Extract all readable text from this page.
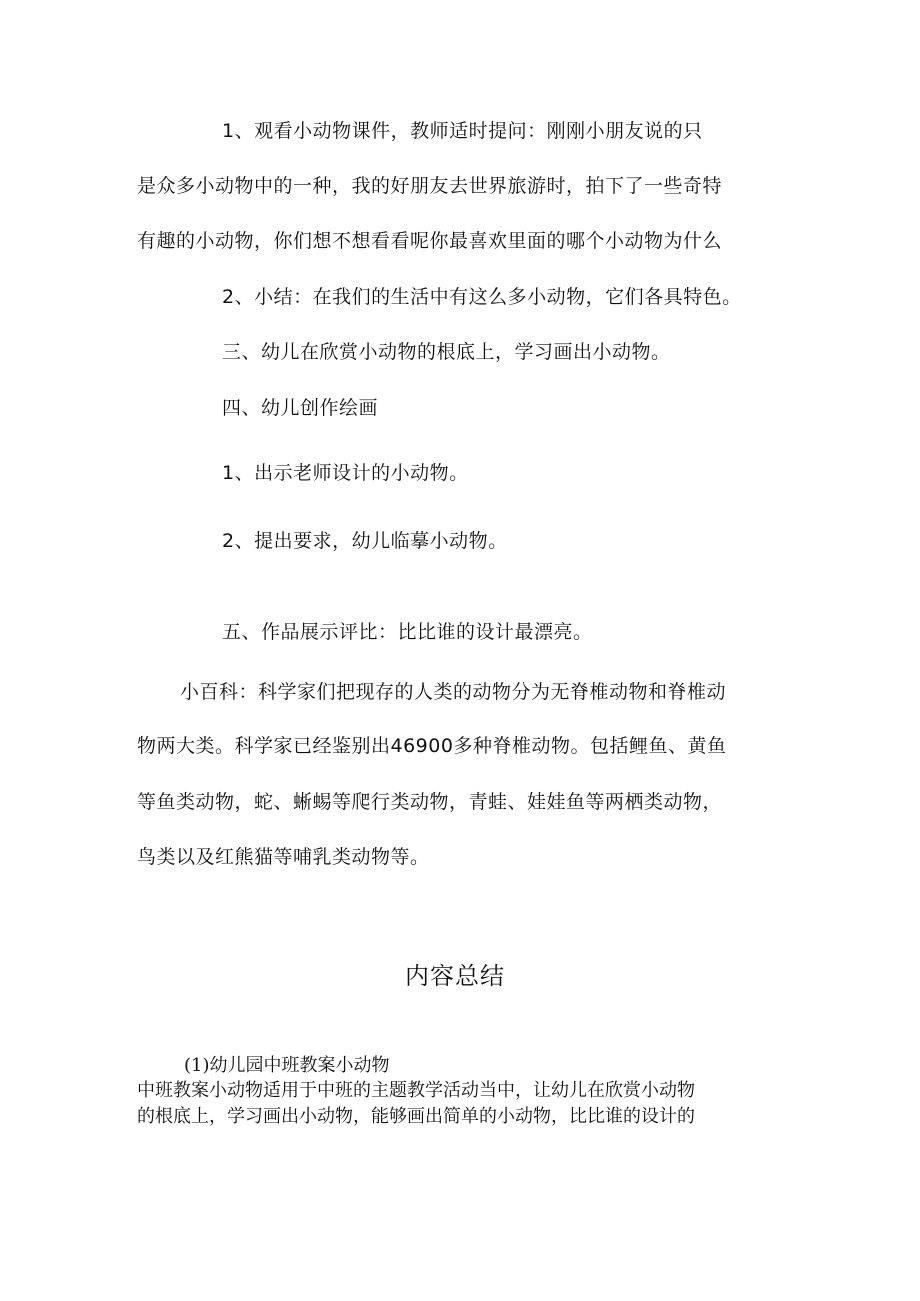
1、观看小动物课件，教师适时提问：刚刚小朋友说的只
是众多小动物中的一种，我的好朋友去世界旅游时，拍下了一些奇特
有趣的小动物，你们想不想看看呢你最喜欢里面的哪个小动物为什么
2、小结：在我们的生活中有这么多小动物，它们各具特色。
三、幼儿在欣赏小动物的根底上，学习画出小动物。
四、幼儿创作绘画
1、出示老师设计的小动物。
2、提出要求，幼儿临摹小动物。
五、作品展示评比：比比谁的设计最漂亮。
小百科：科学家们把现存的人类的动物分为无脊椎动物和脊椎动
物两大类。科学家已经鉴别出46900多种脊椎动物。包括鲤鱼、黄鱼
等鱼类动物，蛇、蜥蜴等爬行类动物，青蛙、娃娃鱼等两栖类动物，
鸟类以及红熊猫等哺乳类动物等。
内容总结
(1)幼儿园中班教案小动物
中班教案小动物适用于中班的主题教学活动当中，让幼儿在欣赏小动物
的根底上，学习画出小动物，能够画出简单的小动物，比比谁的设计的
